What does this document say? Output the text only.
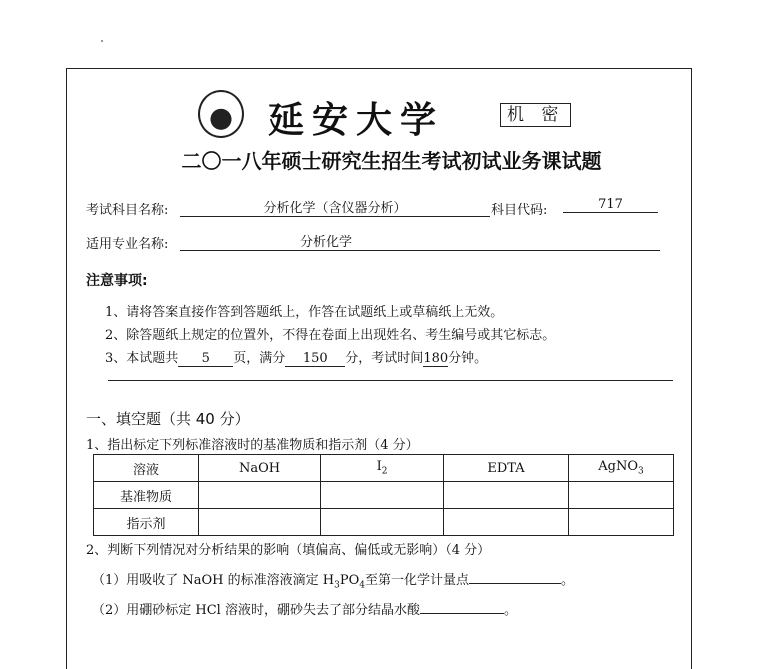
延安大学	机 密
二〇一八年硕士研究生招生考试初试业务课试题
考试科目名称:	分析化学（含仪器分析）	科目代码:	717
适用专业名称:	分析化学
注意事项:
1、请将答案直接作答到答题纸上，作答在试题纸上或草稿纸上无效。
2、除答题纸上规定的位置外，不得在卷面上出现姓名、考生编号或其它标志。
3、本试题共 5 页，满分 150 分，考试时间180分钟。
一、填空题（共 40 分）
1、指出标定下列标准溶液时的基准物质和指示剂（4 分）
溶液	NaOH	$I_2$	EDTA	AgNO$_3$
基准物质				
指示剂				
2、判断下列情况对分析结果的影响（填偏高、偏低或无影响）（4 分）
（1）用吸收了 NaOH 的标准溶液滴定 $H_3PO_4$至第一化学计量点	。
（2）用硼砂标定 HCl 溶液时，硼砂失去了部分结晶水酸	。
